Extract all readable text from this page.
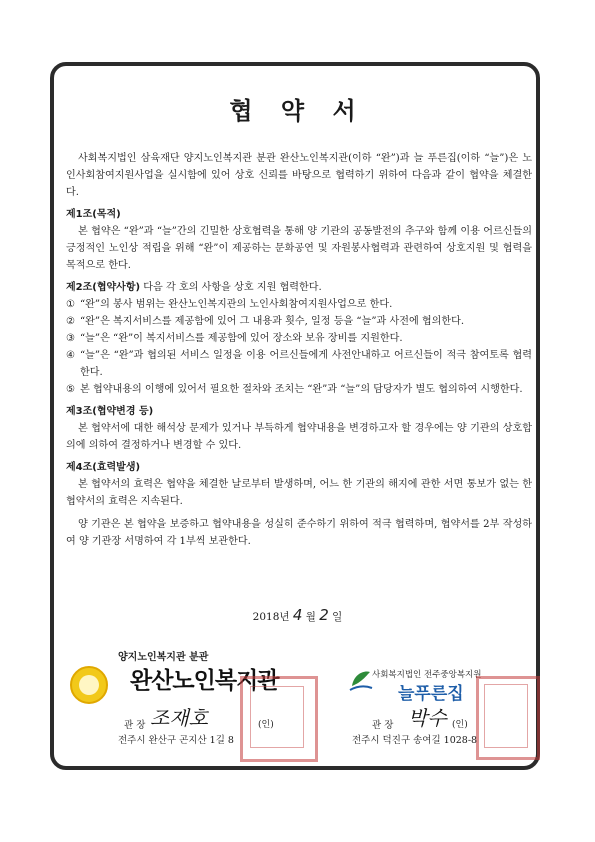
협 약 서

사회복지법인 삼육재단 양지노인복지관 분관 완산노인복지관(이하 “완”)과 늘 푸른집(이하 “늘”)은 노인사회참여지원사업을 실시함에 있어 상호 신뢰를 바탕으로 협력하기 위하여 다음과 같이 협약을 체결한다.

제1조(목적)

본 협약은 “완”과 “늘”간의 긴밀한 상호협력을 통해 양 기관의 공동발전의 추구와 함께 이용 어르신들의 긍정적인 노인상 적립을 위해 “완”이 제공하는 문화공연 및 자원봉사협력과 관련하여 상호지원 및 협력을 목적으로 한다.

제2조(협약사항) 다음 각 호의 사항을 상호 지원 협력한다.

① “완”의 봉사 범위는 완산노인복지관의 노인사회참여지원사업으로 한다.
② “완”은 복지서비스를 제공함에 있어 그 내용과 횟수, 일정 등을 “늘”과 사전에 협의한다.
③ “늘”은 “완”이 복지서비스를 제공함에 있어 장소와 보유 장비를 지원한다.
④ “늘”은 “완”과 협의된 서비스 일정을 이용 어르신들에게 사전안내하고 어르신들이 적극 참여토록 협력한다.
⑤ 본 협약내용의 이행에 있어서 필요한 절차와 조치는 “완”과 “늘”의 담당자가 별도 협의하여 시행한다.
제3조(협약변경 등)

본 협약서에 대한 해석상 문제가 있거나 부득하게 협약내용을 변경하고자 할 경우에는 양 기관의 상호합의에 의하여 결정하거나 변경할 수 있다.

제4조(효력발생)

본 협약서의 효력은 협약을 체결한 날로부터 발생하며, 어느 한 기관의 해지에 관한 서면 통보가 없는 한 협약서의 효력은 지속된다.

양 기관은 본 협약을 보증하고 협약내용을 성실히 준수하기 위하여 적극 협력하며, 협약서를 2부 작성하여 양 기관장 서명하여 각 1부씩 보관한다.

2018년 4 월 2 일
양지노인복지관 분관
완산노인복지관
관 장 조재호	(인)
전주시 완산구 곤지산 1길 8
사회복지법인 전주중앙복지원
늘푸른집
관 장 박수 (인)
전주시 덕진구 송여길 1028-8
